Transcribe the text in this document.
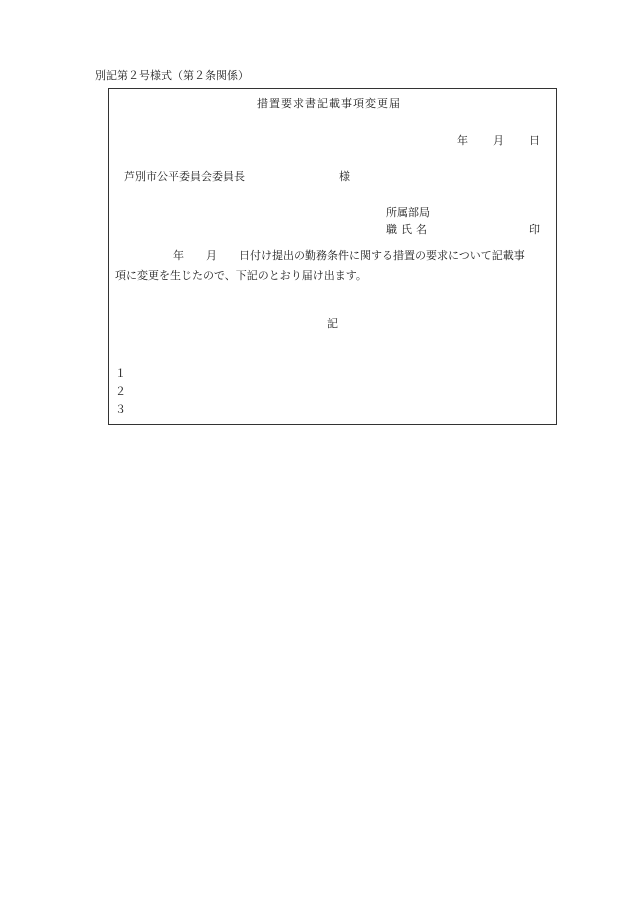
別記第２号様式（第２条関係）
措置要求書記載事項変更届
年 月 日
芦別市公平委員会委員長	様
所属部局
職氏名	印
年　　月　　日付け提出の勤務条件に関する措置の要求について記載事
項に変更を生じたので、下記のとおり届け出ます。
記
１
２
３
